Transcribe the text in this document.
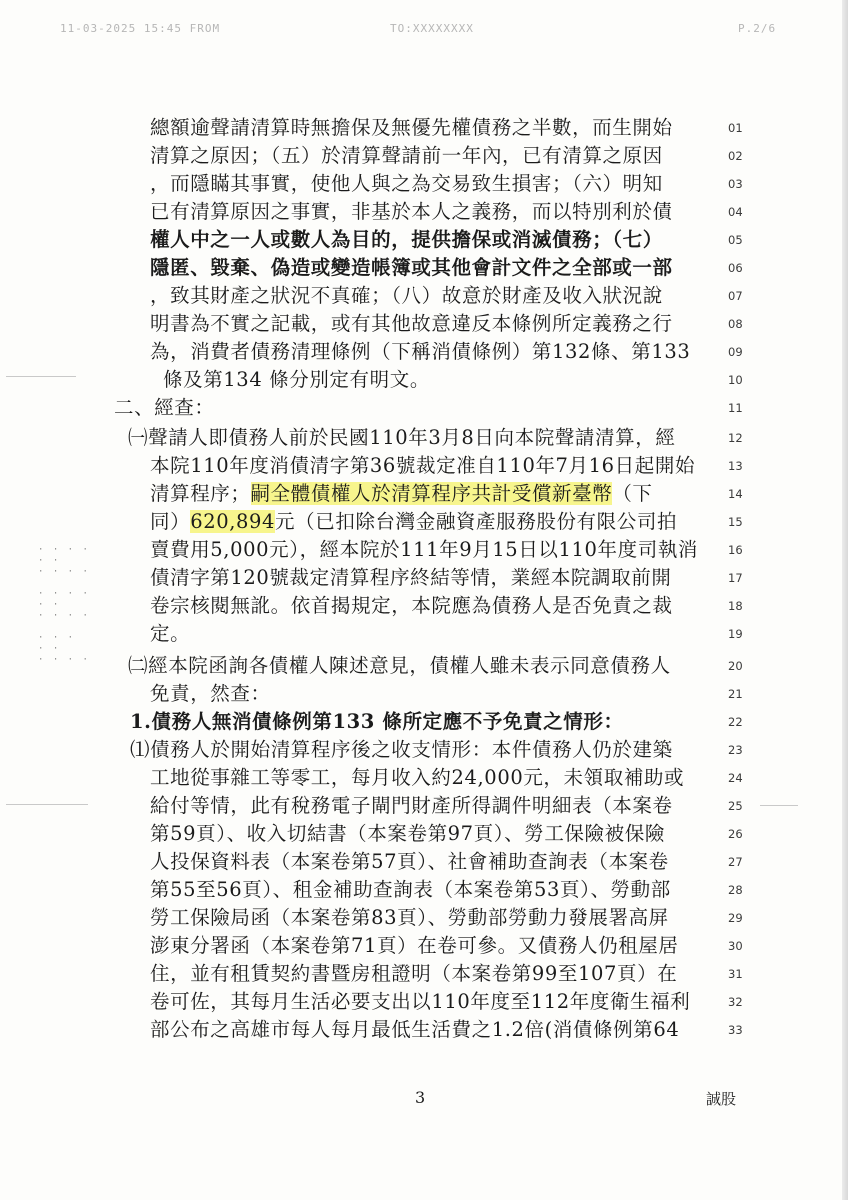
11-03-2025 15:45 FROM	TO:XXXXXXXX	P.2/6
· · · ·
· ·
· · · ·

· · · ·
· ·
· · · ·

· · ·
· ·
· · · ·
總額逾聲請清算時無擔保及無優先權債務之半數，而生開始	01
清算之原因；（五）於清算聲請前一年內，已有清算之原因	02
，而隱瞞其事實，使他人與之為交易致生損害；（六）明知	03
已有清算原因之事實，非基於本人之義務，而以特別利於債	04
權人中之一人或數人為目的，提供擔保或消滅債務；（七）	05
隱匿、毀棄、偽造或變造帳簿或其他會計文件之全部或一部	06
，致其財產之狀況不真確；（八）故意於財產及收入狀況說	07
明書為不實之記載，或有其他故意違反本條例所定義務之行	08
為，消費者債務清理條例（下稱消債條例）第132條、第133	09
條及第134 條分別定有明文。	10
二、經查：	11
㈠聲請人即債務人前於民國110年3月8日向本院聲請清算，經	12
本院110年度消債清字第36號裁定准自110年7月16日起開始	13
清算程序；嗣全體債權人於清算程序共計受償新臺幣（下	14
同）620,894元（已扣除台灣金融資產服務股份有限公司拍	15
賣費用5,000元），經本院於111年9月15日以110年度司執消	16
債清字第120號裁定清算程序終結等情，業經本院調取前開	17
卷宗核閱無訛。依首揭規定，本院應為債務人是否免責之裁	18
定。	19
㈡經本院函詢各債權人陳述意見，債權人雖未表示同意債務人	20
免責，然查：	21
1.債務人無消債條例第133 條所定應不予免責之情形：	22
⑴債務人於開始清算程序後之收支情形：本件債務人仍於建築	23
工地從事雜工等零工，每月收入約24,000元，未領取補助或	24
給付等情，此有稅務電子閘門財產所得調件明細表（本案卷	25
第59頁）、收入切結書（本案卷第97頁）、勞工保險被保險	26
人投保資料表（本案卷第57頁）、社會補助查詢表（本案卷	27
第55至56頁）、租金補助查詢表（本案卷第53頁）、勞動部	28
勞工保險局函（本案卷第83頁）、勞動部勞動力發展署高屏	29
澎東分署函（本案卷第71頁）在卷可參。又債務人仍租屋居	30
住，並有租賃契約書暨房租證明（本案卷第99至107頁）在	31
卷可佐，其每月生活必要支出以110年度至112年度衛生福利	32
部公布之高雄市每人每月最低生活費之1.2倍(消債條例第64	33
3	誠股
